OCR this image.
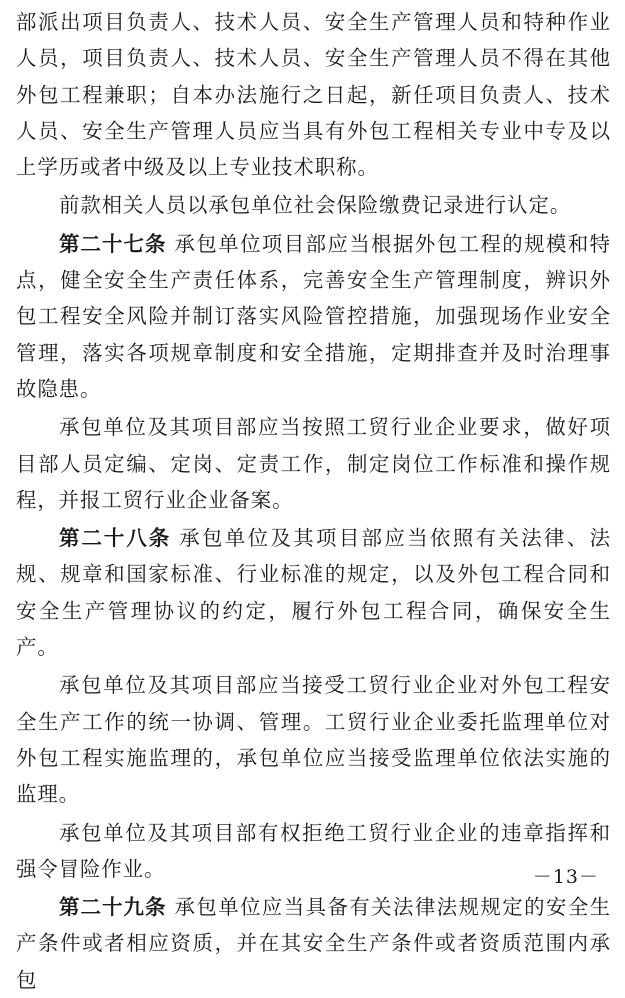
部派出项目负责人、技术人员、安全生产管理人员和特种作业人员，项目负责人、技术人员、安全生产管理人员不得在其他外包工程兼职；自本办法施行之日起，新任项目负责人、技术人员、安全生产管理人员应当具有外包工程相关专业中专及以上学历或者中级及以上专业技术职称。

前款相关人员以承包单位社会保险缴费记录进行认定。

第二十七条 承包单位项目部应当根据外包工程的规模和特点，健全安全生产责任体系，完善安全生产管理制度，辨识外包工程安全风险并制订落实风险管控措施，加强现场作业安全管理，落实各项规章制度和安全措施，定期排查并及时治理事故隐患。

承包单位及其项目部应当按照工贸行业企业要求，做好项目部人员定编、定岗、定责工作，制定岗位工作标准和操作规程，并报工贸行业企业备案。

第二十八条 承包单位及其项目部应当依照有关法律、法规、规章和国家标准、行业标准的规定，以及外包工程合同和安全生产管理协议的约定，履行外包工程合同，确保安全生产。

承包单位及其项目部应当接受工贸行业企业对外包工程安全生产工作的统一协调、管理。工贸行业企业委托监理单位对外包工程实施监理的，承包单位应当接受监理单位依法实施的监理。

承包单位及其项目部有权拒绝工贸行业企业的违章指挥和强令冒险作业。

第二十九条 承包单位应当具备有关法律法规规定的安全生产条件或者相应资质，并在其安全生产条件或者资质范围内承包

－13－
